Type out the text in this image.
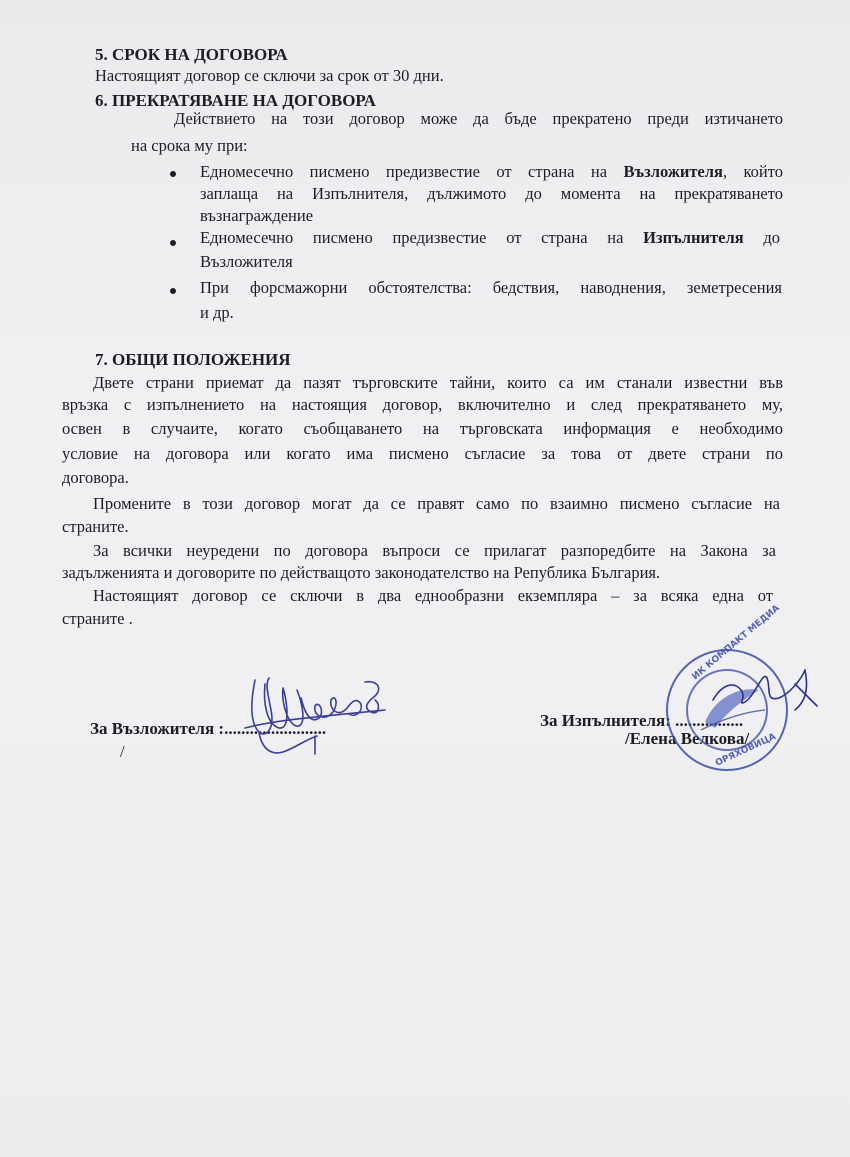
5. СРОК НА ДОГОВОРА
Настоящият договор се сключи за срок от 30 дни.
6. ПРЕКРАТЯВАНЕ НА ДОГОВОРА
Действието на този договор може да бъде прекратено преди изтичането
на срока му при:
Едномесечно писмено предизвестие от страна на Възложителя, който
заплаща на Изпълнителя, дължимото до момента на прекратяването
възнаграждение
Едномесечно писмено предизвестие от страна на Изпълнителя до
Възложителя
При форсмажорни обстоятелства: бедствия, наводнения, земетресения
и др.
7. ОБЩИ ПОЛОЖЕНИЯ
Двете страни приемат да пазят търговските тайни, които са им станали известни във
връзка с изпълнението на настоящия договор, включително и след прекратяването му,
освен в случаите, когато съобщаването на търговската информация е необходимо
условие на договора или когато има писмено съгласие за това от двете страни по
договора.
Промените в този договор могат да се правят само по взаимно писмено съгласие на
страните.
За всички неуредени по договора въпроси се прилагат разпоредбите на Закона за
задълженията и договорите по действащото законодателство на Република България.
Настоящият договор се сключи в два еднообразни екземпляра – за всяка една от
страните .
За Възложителя :........................
/
За Изпълнителя: ................
/Елена Велкова/
ИК КОМПАКТ МЕДИА
ОРЯХОВИЦА
